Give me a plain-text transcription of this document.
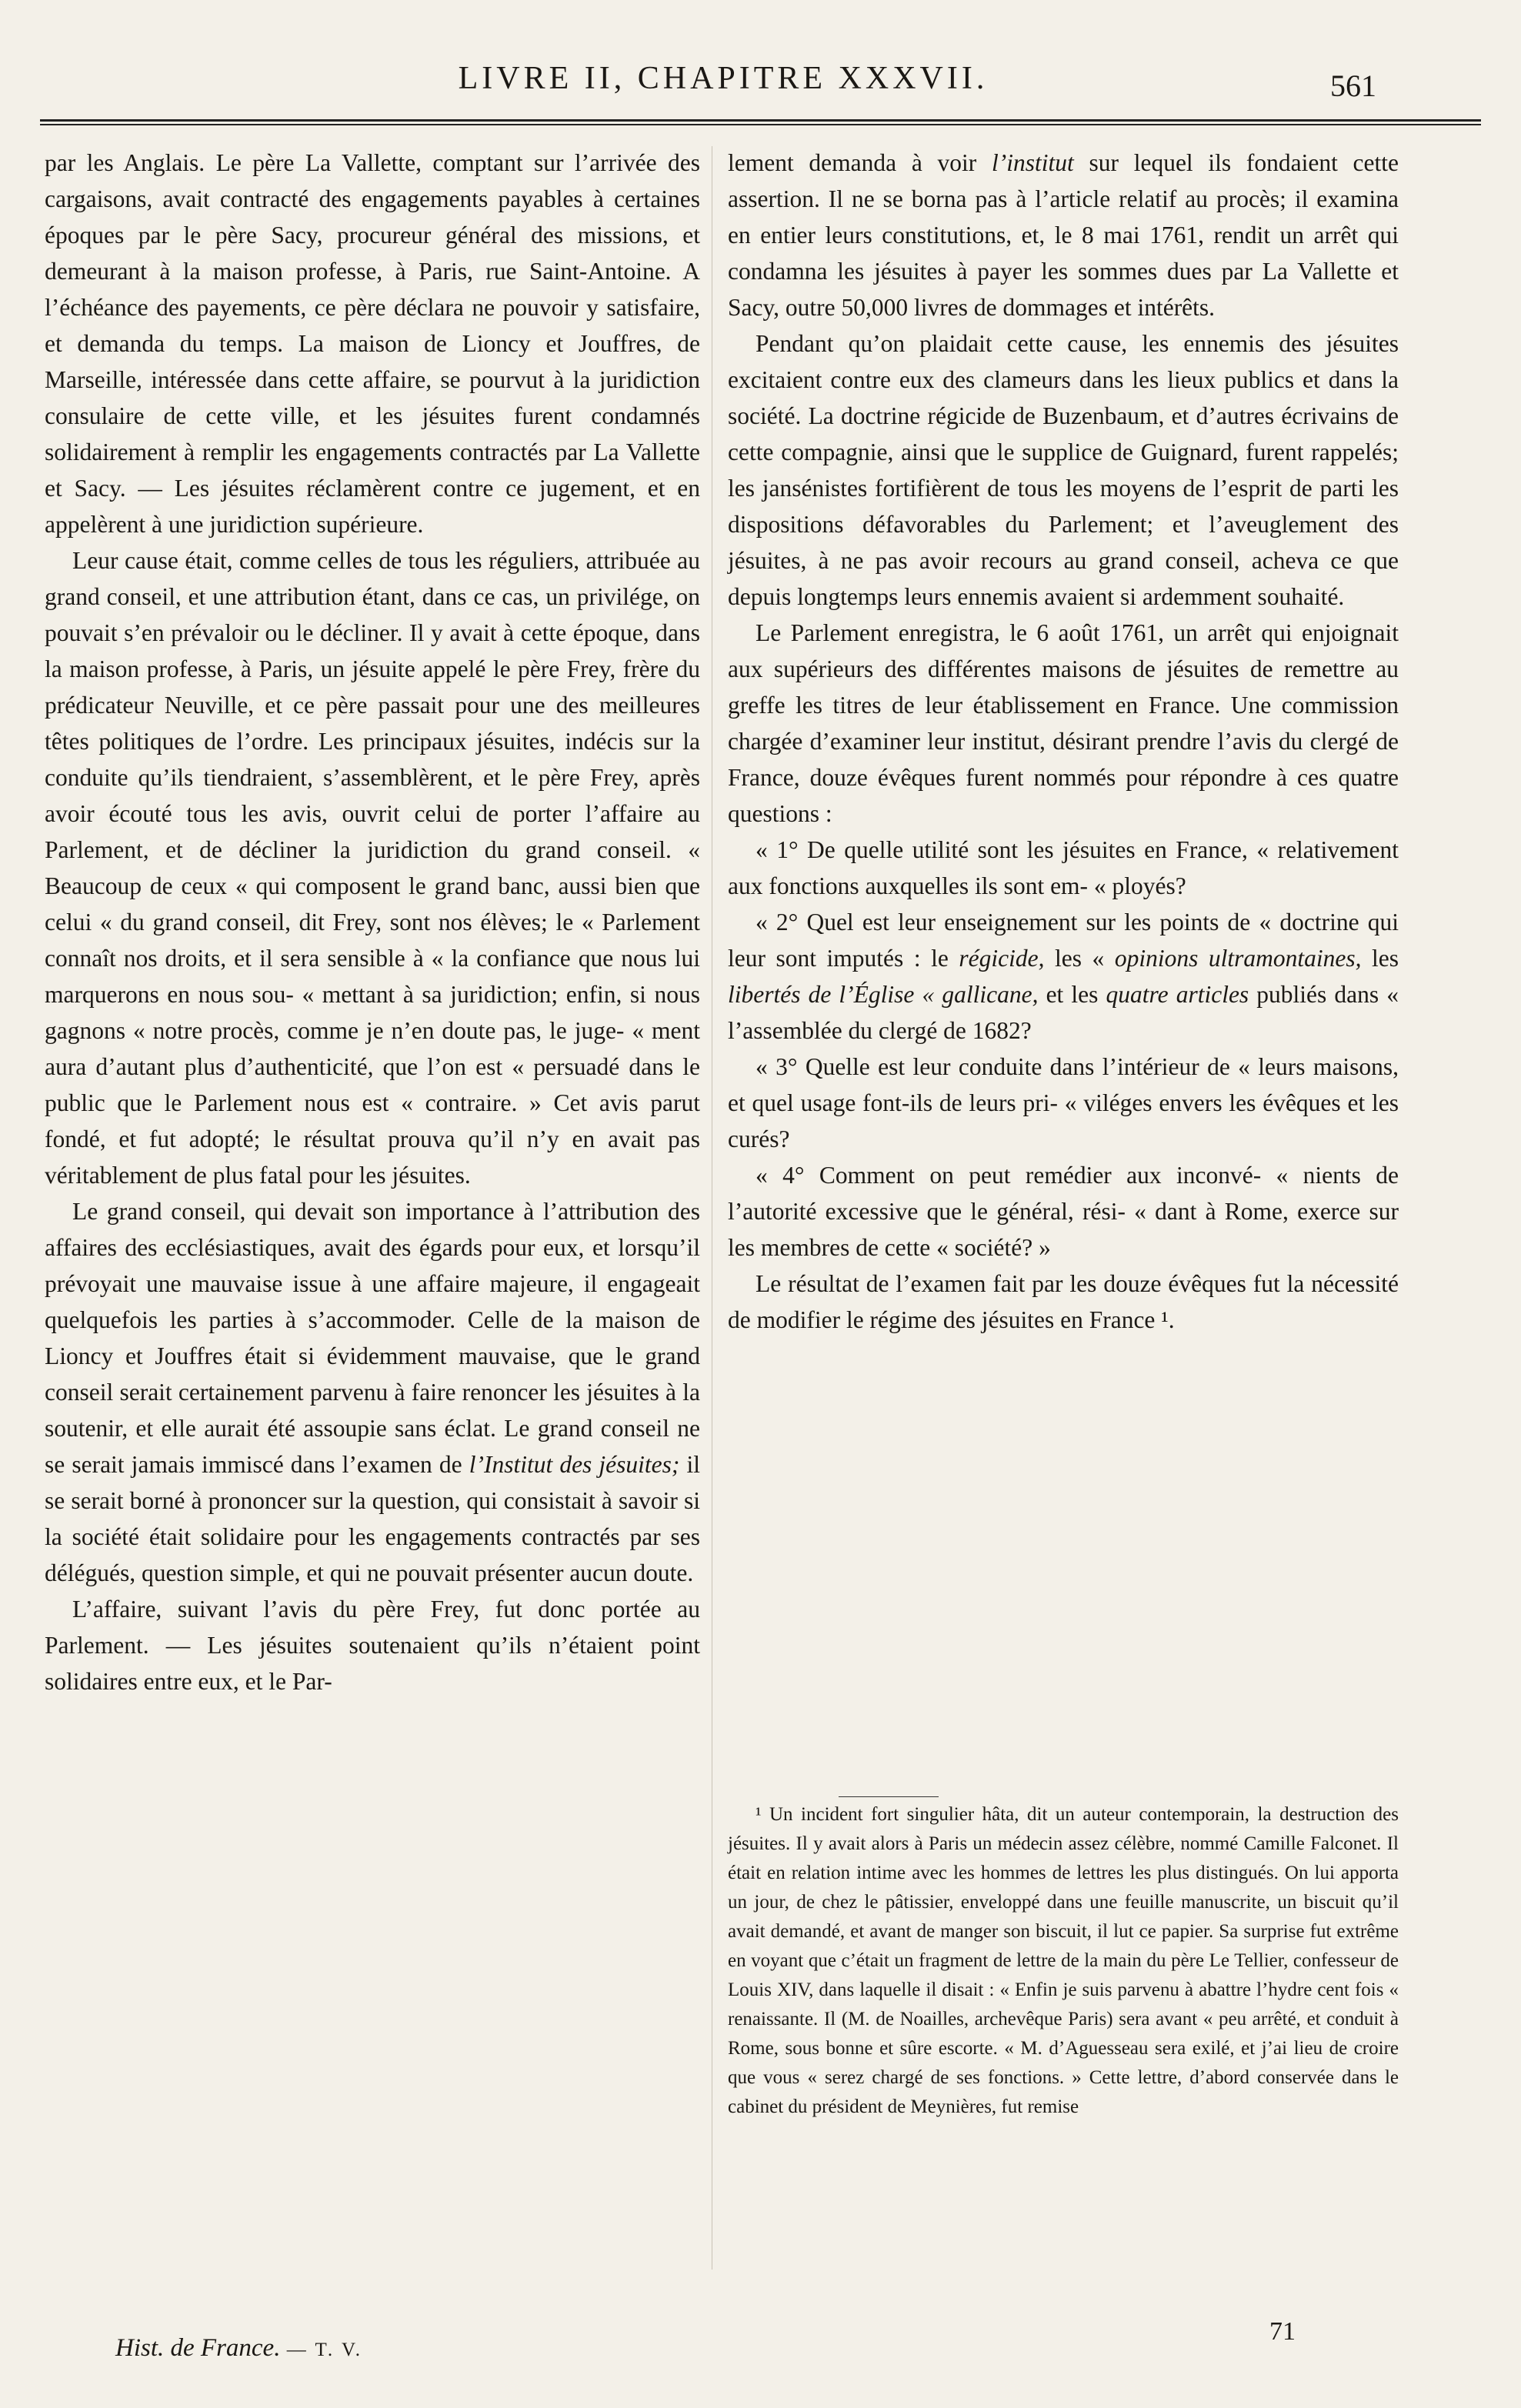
LIVRE II, CHAPITRE XXXVII.	561

par les Anglais. Le père La Vallette, comptant sur l’arrivée des cargaisons, avait contracté des engagements payables à certaines époques par le père Sacy, procureur général des missions, et demeurant à la maison professe, à Paris, rue Saint-Antoine. A l’échéance des payements, ce père déclara ne pouvoir y satisfaire, et demanda du temps. La maison de Lioncy et Jouffres, de Marseille, intéressée dans cette affaire, se pourvut à la juridiction consulaire de cette ville, et les jésuites furent condamnés solidairement à remplir les engagements contractés par La Vallette et Sacy. — Les jésuites réclamèrent contre ce jugement, et en appelèrent à une juridiction supérieure.

Leur cause était, comme celles de tous les réguliers, attribuée au grand conseil, et une attribution étant, dans ce cas, un privilége, on pouvait s’en prévaloir ou le décliner. Il y avait à cette époque, dans la maison professe, à Paris, un jésuite appelé le père Frey, frère du prédicateur Neuville, et ce père passait pour une des meilleures têtes politiques de l’ordre. Les principaux jésuites, indécis sur la conduite qu’ils tiendraient, s’assemblèrent, et le père Frey, après avoir écouté tous les avis, ouvrit celui de porter l’affaire au Parlement, et de décliner la juridiction du grand conseil. « Beaucoup de ceux « qui composent le grand banc, aussi bien que celui « du grand conseil, dit Frey, sont nos élèves; le « Parlement connaît nos droits, et il sera sensible à « la confiance que nous lui marquerons en nous sou- « mettant à sa juridiction; enfin, si nous gagnons « notre procès, comme je n’en doute pas, le juge- « ment aura d’autant plus d’authenticité, que l’on est « persuadé dans le public que le Parlement nous est « contraire. » Cet avis parut fondé, et fut adopté; le résultat prouva qu’il n’y en avait pas véritablement de plus fatal pour les jésuites.

Le grand conseil, qui devait son importance à l’attribution des affaires des ecclésiastiques, avait des égards pour eux, et lorsqu’il prévoyait une mauvaise issue à une affaire majeure, il engageait quelquefois les parties à s’accommoder. Celle de la maison de Lioncy et Jouffres était si évidemment mauvaise, que le grand conseil serait certainement parvenu à faire renoncer les jésuites à la soutenir, et elle aurait été assoupie sans éclat. Le grand conseil ne se serait jamais immiscé dans l’examen de l’Institut des jésuites; il se serait borné à prononcer sur la question, qui consistait à savoir si la société était solidaire pour les engagements contractés par ses délégués, question simple, et qui ne pouvait présenter aucun doute.

L’affaire, suivant l’avis du père Frey, fut donc portée au Parlement. — Les jésuites soutenaient qu’ils n’étaient point solidaires entre eux, et le Par-

lement demanda à voir l’institut sur lequel ils fondaient cette assertion. Il ne se borna pas à l’article relatif au procès; il examina en entier leurs constitutions, et, le 8 mai 1761, rendit un arrêt qui condamna les jésuites à payer les sommes dues par La Vallette et Sacy, outre 50,000 livres de dommages et intérêts.

Pendant qu’on plaidait cette cause, les ennemis des jésuites excitaient contre eux des clameurs dans les lieux publics et dans la société. La doctrine régicide de Buzenbaum, et d’autres écrivains de cette compagnie, ainsi que le supplice de Guignard, furent rappelés; les jansénistes fortifièrent de tous les moyens de l’esprit de parti les dispositions défavorables du Parlement; et l’aveuglement des jésuites, à ne pas avoir recours au grand conseil, acheva ce que depuis longtemps leurs ennemis avaient si ardemment souhaité.

Le Parlement enregistra, le 6 août 1761, un arrêt qui enjoignait aux supérieurs des différentes maisons de jésuites de remettre au greffe les titres de leur établissement en France. Une commission chargée d’examiner leur institut, désirant prendre l’avis du clergé de France, douze évêques furent nommés pour répondre à ces quatre questions :

« 1° De quelle utilité sont les jésuites en France, « relativement aux fonctions auxquelles ils sont em- « ployés?

« 2° Quel est leur enseignement sur les points de « doctrine qui leur sont imputés : le régicide, les « opinions ultramontaines, les libertés de l’Église « gallicane, et les quatre articles publiés dans « l’assemblée du clergé de 1682?

« 3° Quelle est leur conduite dans l’intérieur de « leurs maisons, et quel usage font-ils de leurs pri- « viléges envers les évêques et les curés?

« 4° Comment on peut remédier aux inconvé- « nients de l’autorité excessive que le général, rési- « dant à Rome, exerce sur les membres de cette « société? »

Le résultat de l’examen fait par les douze évêques fut la nécessité de modifier le régime des jésuites en France ¹.

¹ Un incident fort singulier hâta, dit un auteur contemporain, la destruction des jésuites. Il y avait alors à Paris un médecin assez célèbre, nommé Camille Falconet. Il était en relation intime avec les hommes de lettres les plus distingués. On lui apporta un jour, de chez le pâtissier, enveloppé dans une feuille manuscrite, un biscuit qu’il avait demandé, et avant de manger son biscuit, il lut ce papier. Sa surprise fut extrême en voyant que c’était un fragment de lettre de la main du père Le Tellier, confesseur de Louis XIV, dans laquelle il disait : « Enfin je suis parvenu à abattre l’hydre cent fois « renaissante. Il (M. de Noailles, archevêque Paris) sera avant « peu arrêté, et conduit à Rome, sous bonne et sûre escorte. « M. d’Aguesseau sera exilé, et j’ai lieu de croire que vous « serez chargé de ses fonctions. » Cette lettre, d’abord conservée dans le cabinet du président de Meynières, fut remise

Hist. de France. — T. V.
71
